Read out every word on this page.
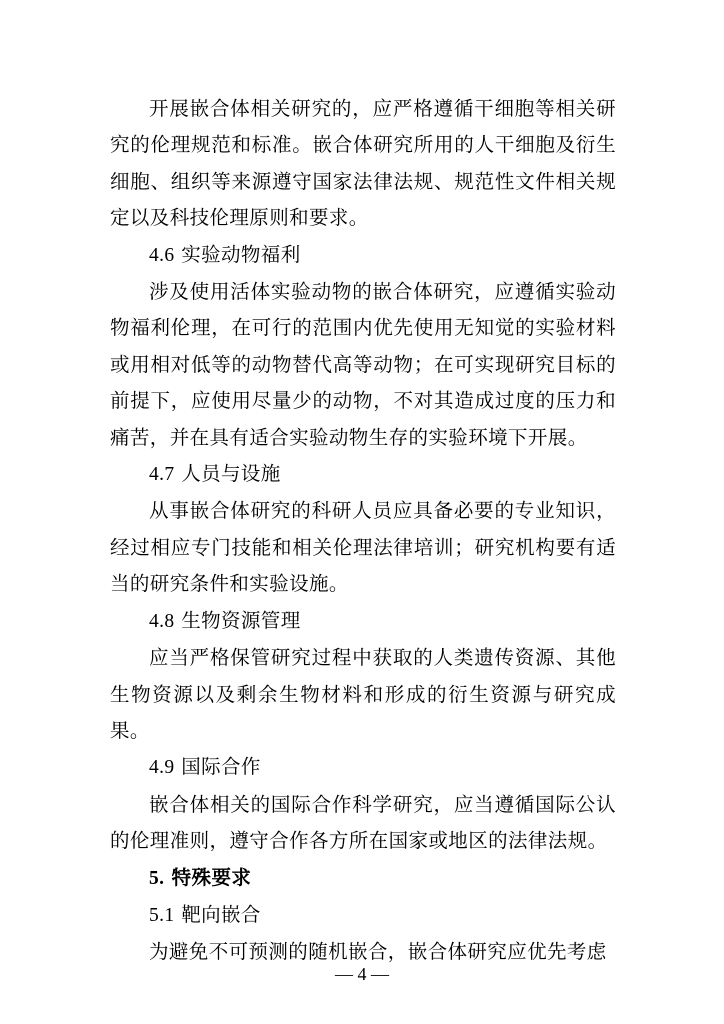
开展嵌合体相关研究的，应严格遵循干细胞等相关研究的伦理规范和标准。嵌合体研究所用的人干细胞及衍生细胞、组织等来源遵守国家法律法规、规范性文件相关规定以及科技伦理原则和要求。

4.6 实验动物福利

涉及使用活体实验动物的嵌合体研究，应遵循实验动物福利伦理，在可行的范围内优先使用无知觉的实验材料或用相对低等的动物替代高等动物；在可实现研究目标的前提下，应使用尽量少的动物，不对其造成过度的压力和痛苦，并在具有适合实验动物生存的实验环境下开展。

4.7 人员与设施

从事嵌合体研究的科研人员应具备必要的专业知识，经过相应专门技能和相关伦理法律培训；研究机构要有适当的研究条件和实验设施。

4.8 生物资源管理

应当严格保管研究过程中获取的人类遗传资源、其他生物资源以及剩余生物材料和形成的衍生资源与研究成果。

4.9 国际合作

嵌合体相关的国际合作科学研究，应当遵循国际公认的伦理准则，遵守合作各方所在国家或地区的法律法规。

5. 特殊要求

5.1 靶向嵌合

为避免不可预测的随机嵌合，嵌合体研究应优先考虑

— 4 —
